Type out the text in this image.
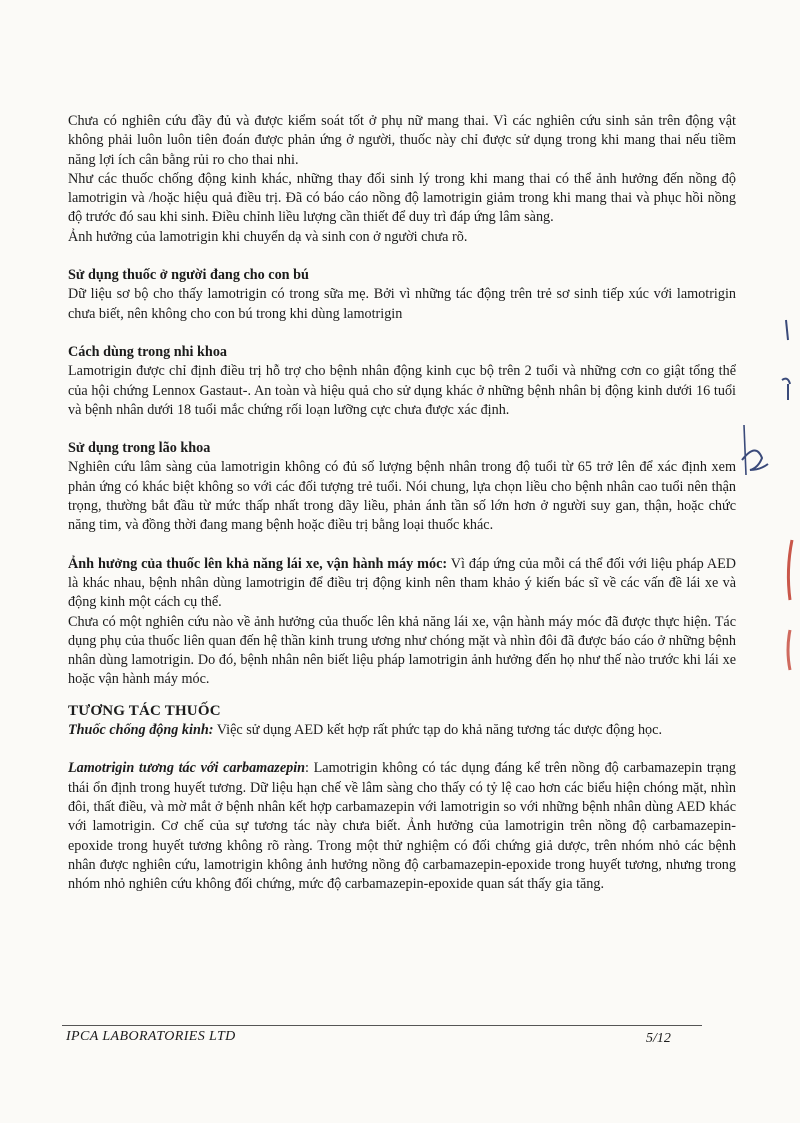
Chưa có nghiên cứu đầy đủ và được kiểm soát tốt ở phụ nữ mang thai. Vì các nghiên cứu sinh sản trên động vật không phải luôn luôn tiên đoán được phản ứng ở người, thuốc này chỉ được sử dụng trong khi mang thai nếu tiềm năng lợi ích cân bằng rủi ro cho thai nhi.

Như các thuốc chống động kinh khác, những thay đổi sinh lý trong khi mang thai có thể ảnh hưởng đến nồng độ lamotrigin và /hoặc hiệu quả điều trị. Đã có báo cáo nồng độ lamotrigin giảm trong khi mang thai và phục hồi nồng độ trước đó sau khi sinh. Điều chỉnh liều lượng cần thiết để duy trì đáp ứng lâm sàng.

Ảnh hưởng của lamotrigin khi chuyển dạ và sinh con ở người chưa rõ.

Sử dụng thuốc ở người đang cho con bú

Dữ liệu sơ bộ cho thấy lamotrigin có trong sữa mẹ. Bởi vì những tác động trên trẻ sơ sinh tiếp xúc với lamotrigin chưa biết, nên không cho con bú trong khi dùng lamotrigin

Cách dùng trong nhi khoa

Lamotrigin được chỉ định điều trị hỗ trợ cho bệnh nhân động kinh cục bộ trên 2 tuổi và những cơn co giật tổng thể của hội chứng Lennox Gastaut-. An toàn và hiệu quả cho sử dụng khác ở những bệnh nhân bị động kinh dưới 16 tuổi và bệnh nhân dưới 18 tuổi mắc chứng rối loạn lưỡng cực chưa được xác định.

Sử dụng trong lão khoa

Nghiên cứu lâm sàng của lamotrigin không có đủ số lượng bệnh nhân trong độ tuổi từ 65 trở lên để xác định xem phản ứng có khác biệt không so với các đối tượng trẻ tuổi. Nói chung, lựa chọn liều cho bệnh nhân cao tuổi nên thận trọng, thường bắt đầu từ mức thấp nhất trong dãy liều, phản ánh tần số lớn hơn ở người suy gan, thận, hoặc chức năng tim, và đồng thời đang mang bệnh hoặc điều trị bằng loại thuốc khác.

Ảnh hưởng của thuốc lên khả năng lái xe, vận hành máy móc: Vì đáp ứng của mỗi cá thể đối với liệu pháp AED là khác nhau, bệnh nhân dùng lamotrigin để điều trị động kinh nên tham khảo ý kiến bác sĩ về các vấn đề lái xe và động kinh một cách cụ thể.

Chưa có một nghiên cứu nào về ảnh hưởng của thuốc lên khả năng lái xe, vận hành máy móc đã được thực hiện. Tác dụng phụ của thuốc liên quan đến hệ thần kinh trung ương như chóng mặt và nhìn đôi đã được báo cáo ở những bệnh nhân dùng lamotrigin. Do đó, bệnh nhân nên biết liệu pháp lamotrigin ảnh hưởng đến họ như thế nào trước khi lái xe hoặc vận hành máy móc.

TƯƠNG TÁC THUỐC

Thuốc chống động kinh: Việc sử dụng AED kết hợp rất phức tạp do khả năng tương tác dược động học.

Lamotrigin tương tác với carbamazepin: Lamotrigin không có tác dụng đáng kể trên nồng độ carbamazepin trạng thái ổn định trong huyết tương. Dữ liệu hạn chế về lâm sàng cho thấy có tỷ lệ cao hơn các biểu hiện chóng mặt, nhìn đôi, thất điều, và mờ mắt ở bệnh nhân kết hợp carbamazepin với lamotrigin so với những bệnh nhân dùng AED khác với lamotrigin. Cơ chế của sự tương tác này chưa biết. Ảnh hưởng của lamotrigin trên nồng độ carbamazepin-epoxide trong huyết tương không rõ ràng. Trong một thử nghiệm có đối chứng giả dược, trên nhóm nhỏ các bệnh nhân được nghiên cứu, lamotrigin không ảnh hưởng nồng độ carbamazepin-epoxide trong huyết tương, nhưng trong nhóm nhỏ nghiên cứu không đối chứng, mức độ carbamazepin-epoxide quan sát thấy gia tăng.

IPCA LABORATORIES LTD	5/12
